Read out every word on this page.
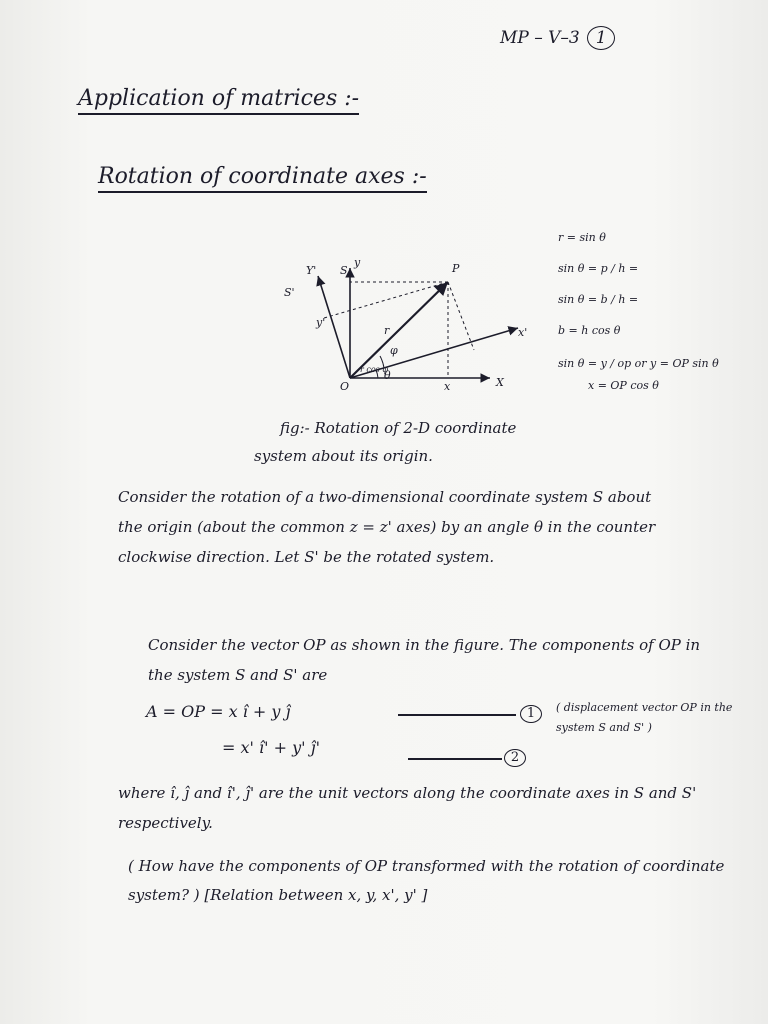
MP – V–3 1
Application of matrices :-
Rotation of coordinate axes :-
r = sin θ
sin θ = p / h =
sin θ = b / h =
b = h cos θ
sin θ = y / op or y = OP sin θ
x = OP cos θ
S'
Y' S
y	P
r	x'
X
O
θ
φ
x
y'
r cos φ
fig:- Rotation of 2-D coordinate
system about its origin.
Consider the rotation of a two-dimensional coordinate system S about the origin (about the common z = z' axes) by an angle θ in the counter clockwise direction. Let S' be the rotated system.
Consider the vector OP as shown in the figure. The components of OP in the system S and S' are
A = OP = x î + y ĵ	1
= x' î' + y' ĵ'
2
( displacement vector OP in the system S and S' )
where î, ĵ and î', ĵ' are the unit vectors along the coordinate axes in S and S' respectively.
( How have the components of OP transformed with the rotation of coordinate system? ) [Relation between x, y, x', y' ]
